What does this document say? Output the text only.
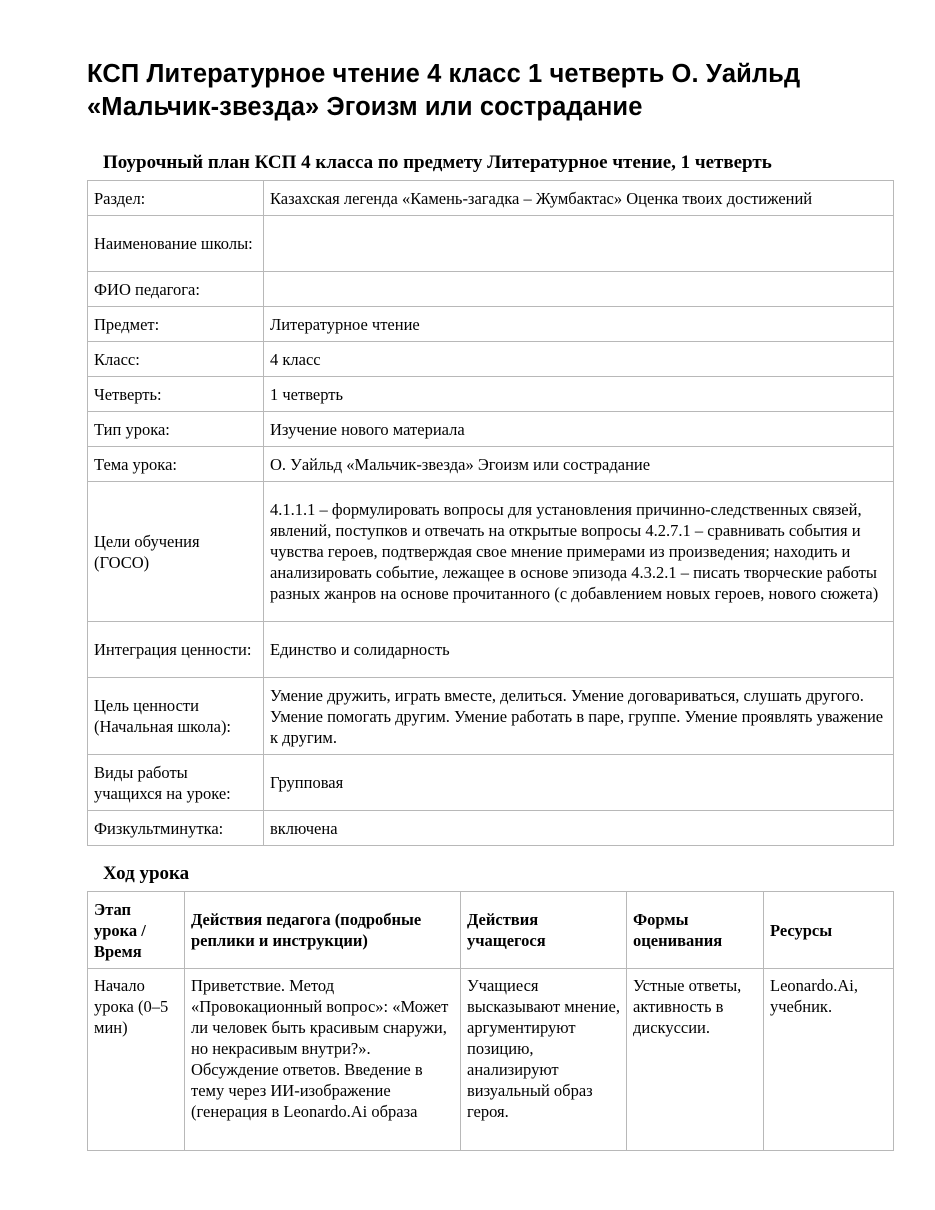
КСП Литературное чтение 4 класс 1 четверть О. Уайльд «Мальчик-звезда» Эгоизм или сострадание
Поурочный план КСП 4 класса по предмету Литературное чтение, 1 четверть
Раздел:	Казахская легенда «Камень-загадка – Жумбактас» Оценка твоих достижений
Наименование школы:	
ФИО педагога:	
Предмет:	Литературное чтение
Класс:	4 класс
Четверть:	1 четверть
Тип урока:	Изучение нового материала
Тема урока:	О. Уайльд «Мальчик-звезда» Эгоизм или сострадание
Цели обучения (ГОСО)	4.1.1.1 – формулировать вопросы для установления причинно-следственных связей, явлений, поступков и отвечать на открытые вопросы 4.2.7.1 – сравнивать события и чувства героев, подтверждая свое мнение примерами из произведения; находить и анализировать событие, лежащее в основе эпизода 4.3.2.1 – писать творческие работы разных жанров на основе прочитанного (с добавлением новых героев, нового сюжета)
Интеграция ценности:	Единство и солидарность
Цель ценности (Начальная школа):	Умение дружить, играть вместе, делиться. Умение договариваться, слушать другого. Умение помогать другим. Умение работать в паре, группе. Умение проявлять уважение к другим.
Виды работы учащихся на уроке:	Групповая
Физкультминутка:	включена
Ход урока
Этап урока / Время	Действия педагога (подробные реплики и инструкции)	Действия учащегося	Формы оценивания	Ресурсы
Начало урока (0–5 мин)	Приветствие. Метод «Провокационный вопрос»: «Может ли человек быть красивым снаружи, но некрасивым внутри?». Обсуждение ответов. Введение в тему через ИИ-изображение (генерация в Leonardo.Ai образа	Учащиеся высказывают мнение, аргументируют позицию, анализируют визуальный образ героя.	Устные ответы, активность в дискуссии.	Leonardo.Ai, учебник.
